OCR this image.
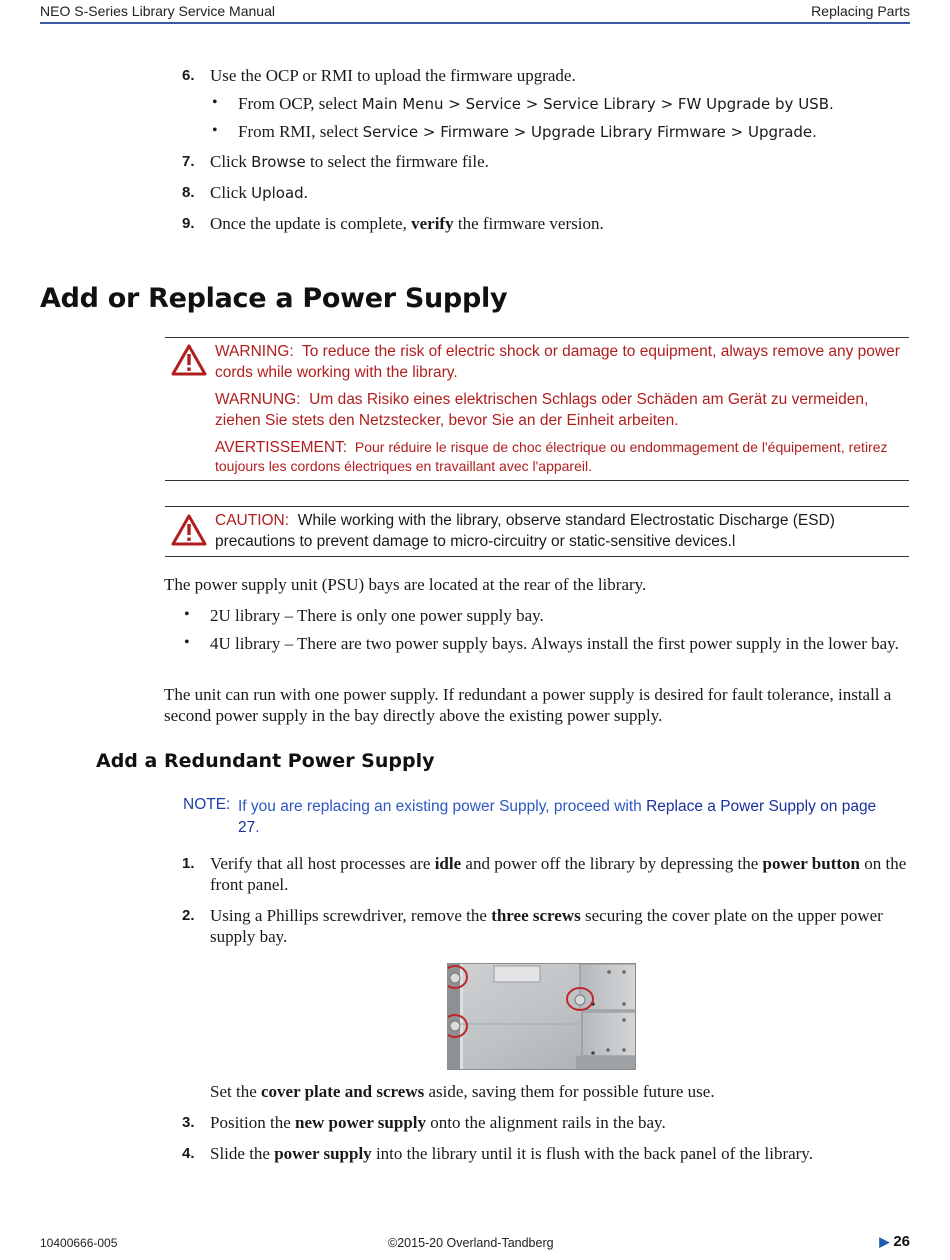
NEO S-Series Library Service Manual	Replacing Parts
6. Use the OCP or RMI to upload the firmware upgrade.
• From OCP, select Main Menu > Service > Service Library > FW Upgrade by USB.
• From RMI, select Service > Firmware > Upgrade Library Firmware > Upgrade.
7. Click Browse to select the firmware file.
8. Click Upload.
9. Once the update is complete, verify the firmware version.
Add or Replace a Power Supply
WARNING: To reduce the risk of electric shock or damage to equipment, always remove any power cords while working with the library.
WARNUNG: Um das Risiko eines elektrischen Schlags oder Schäden am Gerät zu vermeiden, ziehen Sie stets den Netzstecker, bevor Sie an der Einheit arbeiten.
AVERTISSEMENT: Pour réduire le risque de choc électrique ou endommagement de l'équipement, retirez toujours les cordons électriques en travaillant avec l'appareil.
CAUTION: While working with the library, observe standard Electrostatic Discharge (ESD) precautions to prevent damage to micro-circuitry or static-sensitive devices.l
The power supply unit (PSU) bays are located at the rear of the library.
• 2U library – There is only one power supply bay.
• 4U library – There are two power supply bays. Always install the first power supply in the lower bay.
The unit can run with one power supply. If redundant a power supply is desired for fault tolerance, install a second power supply in the bay directly above the existing power supply.
Add a Redundant Power Supply
NOTE: If you are replacing an existing power Supply, proceed with Replace a Power Supply on page 27.
1. Verify that all host processes are idle and power off the library by depressing the power button on the front panel.
2. Using a Phillips screwdriver, remove the three screws securing the cover plate on the upper power supply bay.
Set the cover plate and screws aside, saving them for possible future use.
3. Position the new power supply onto the alignment rails in the bay.
4. Slide the power supply into the library until it is flush with the back panel of the library.
10400666-005	©2015-20 Overland-Tandberg	▶ 26
